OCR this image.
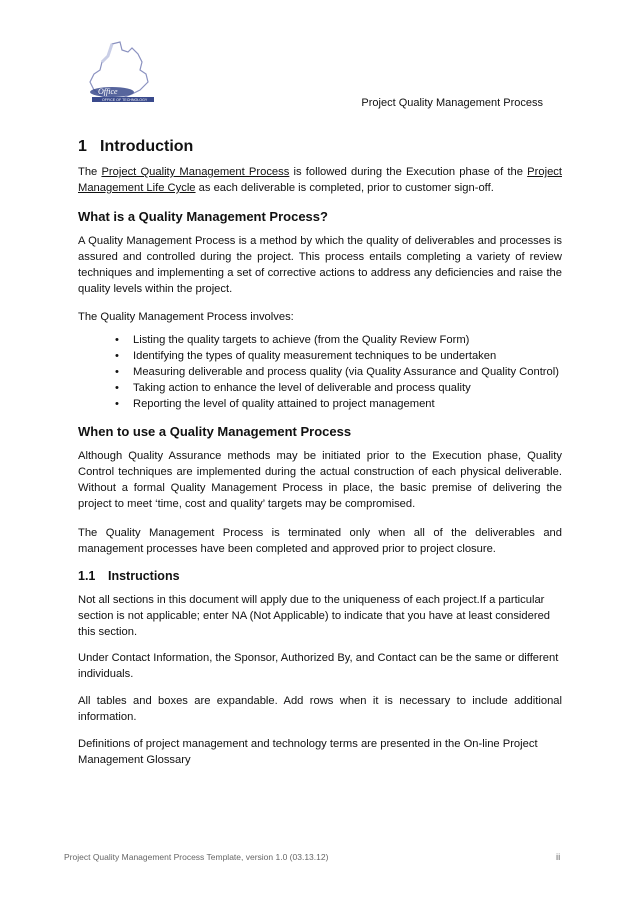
Office
OFFICE OF TECHNOLOGY	Project Quality Management Process
1 Introduction

The Project Quality Management Process is followed during the Execution phase of the Project Management Life Cycle as each deliverable is completed, prior to customer sign-off.

What is a Quality Management Process?

A Quality Management Process is a method by which the quality of deliverables and processes is assured and controlled during the project. This process entails completing a variety of review techniques and implementing a set of corrective actions to address any deficiencies and raise the quality levels within the project.

The Quality Management Process involves:

• Listing the quality targets to achieve (from the Quality Review Form)
• Identifying the types of quality measurement techniques to be undertaken
• Measuring deliverable and process quality (via Quality Assurance and Quality Control)
• Taking action to enhance the level of deliverable and process quality
• Reporting the level of quality attained to project management
When to use a Quality Management Process

Although Quality Assurance methods may be initiated prior to the Execution phase, Quality Control techniques are implemented during the actual construction of each physical deliverable. Without a formal Quality Management Process in place, the basic premise of delivering the project to meet ‘time, cost and quality’ targets may be compromised.

The Quality Management Process is terminated only when all of the deliverables and management processes have been completed and approved prior to project closure.

1.1 Instructions

Not all sections in this document will apply due to the uniqueness of each project.If a particular section is not applicable; enter NA (Not Applicable) to indicate that you have at least considered this section.

Under Contact Information, the Sponsor, Authorized By, and Contact can be the same or different individuals.

All tables and boxes are expandable. Add rows when it is necessary to include additional information.

Definitions of project management and technology terms are presented in the On-line Project Management Glossary

Project Quality Management Process Template, version 1.0 (03.13.12)	ii
